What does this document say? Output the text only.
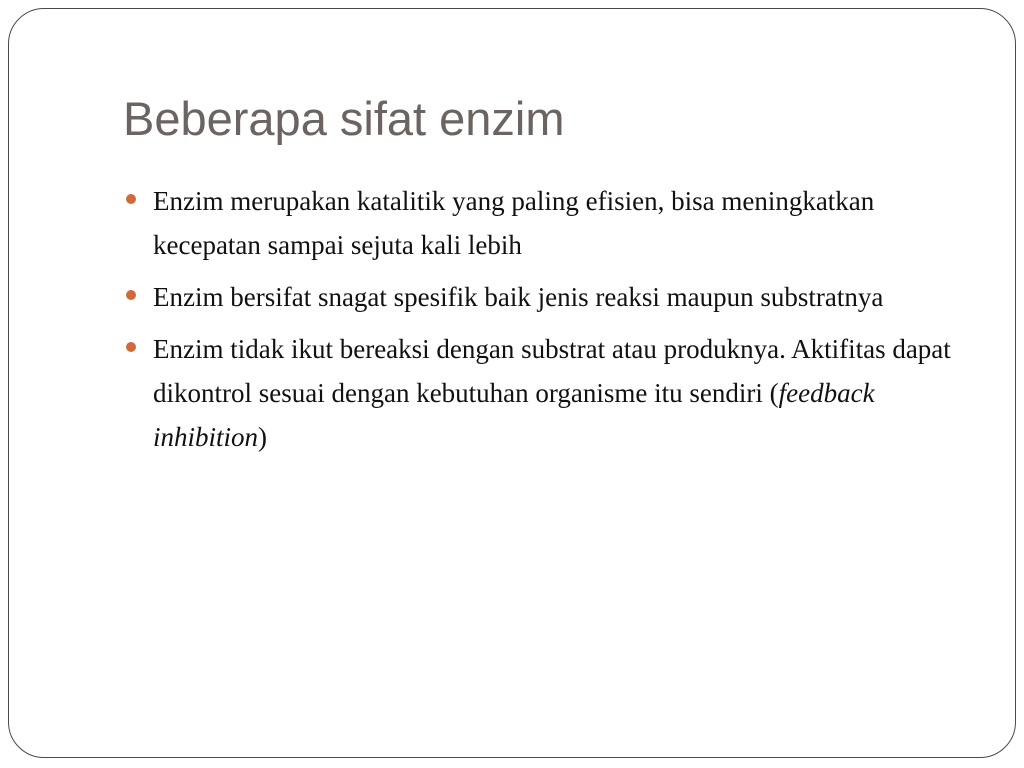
Beberapa sifat enzim
Enzim merupakan katalitik yang paling efisien, bisa meningkatkan kecepatan sampai sejuta kali lebih
Enzim bersifat snagat spesifik baik jenis reaksi maupun substratnya
Enzim tidak ikut bereaksi dengan substrat atau produknya. Aktifitas dapat dikontrol sesuai dengan kebutuhan organisme itu sendiri (feedback inhibition)
